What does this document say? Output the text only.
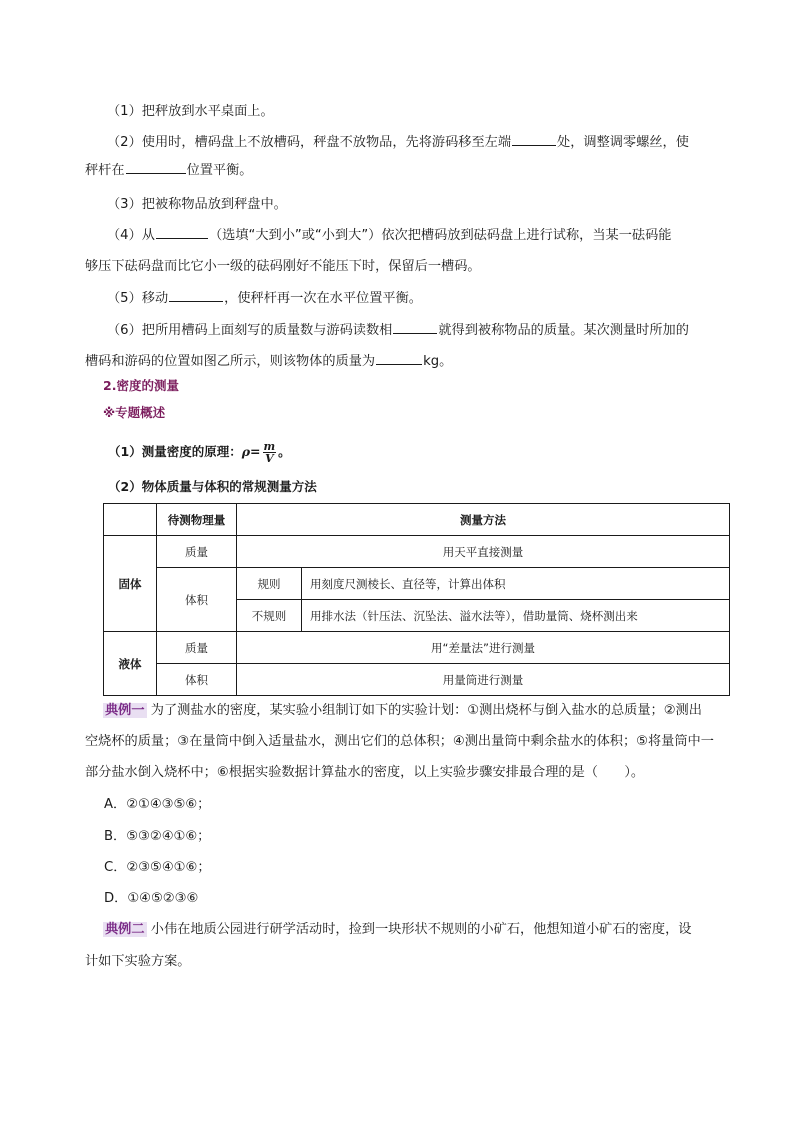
（1）把秤放到水平桌面上。
（2）使用时，槽码盘上不放槽码，秤盘不放物品，先将游码移至左端	处，调整调零螺丝，使
秤杆在	位置平衡。
（3）把被称物品放到秤盘中。
（4）从	（选填“大到小”或“小到大”）依次把槽码放到砝码盘上进行试称，当某一砝码能
够压下砝码盘而比它小一级的砝码刚好不能压下时，保留后一槽码。
（5）移动	，使秤杆再一次在水平位置平衡。
（6）把所用槽码上面刻写的质量数与游码读数相	就得到被称物品的质量。某次测量时所加的
槽码和游码的位置如图乙所示，则该物体的质量为	kg。
2.密度的测量
※专题概述
（1）测量密度的原理：$\rho= \frac{m}{V}$ 。
（2）物体质量与体积的常规测量方法
	待测物理量	测量方法	
固体	质量	用天平直接测量	
	体积	规则	用刻度尺测棱长、直径等，计算出体积
		不规则	用排水法（针压法、沉坠法、溢水法等），借助量筒、烧杯测出来
液体	质量	用“差量法”进行测量	
	体积	用量筒进行测量	
典例一 为了测盐水的密度，某实验小组制订如下的实验计划：①测出烧杯与倒入盐水的总质量；②测出
空烧杯的质量；③在量筒中倒入适量盐水，测出它们的总体积；④测出量筒中剩余盐水的体积；⑤将量筒中一
部分盐水倒入烧杯中；⑥根据实验数据计算盐水的密度，以上实验步骤安排最合理的是（　　）。
A．②①④③⑤⑥；
B．⑤③②④①⑥；
C．②③⑤④①⑥；
D．①④⑤②③⑥
典例二 小伟在地质公园进行研学活动时，捡到一块形状不规则的小矿石，他想知道小矿石的密度，设
计如下实验方案。
